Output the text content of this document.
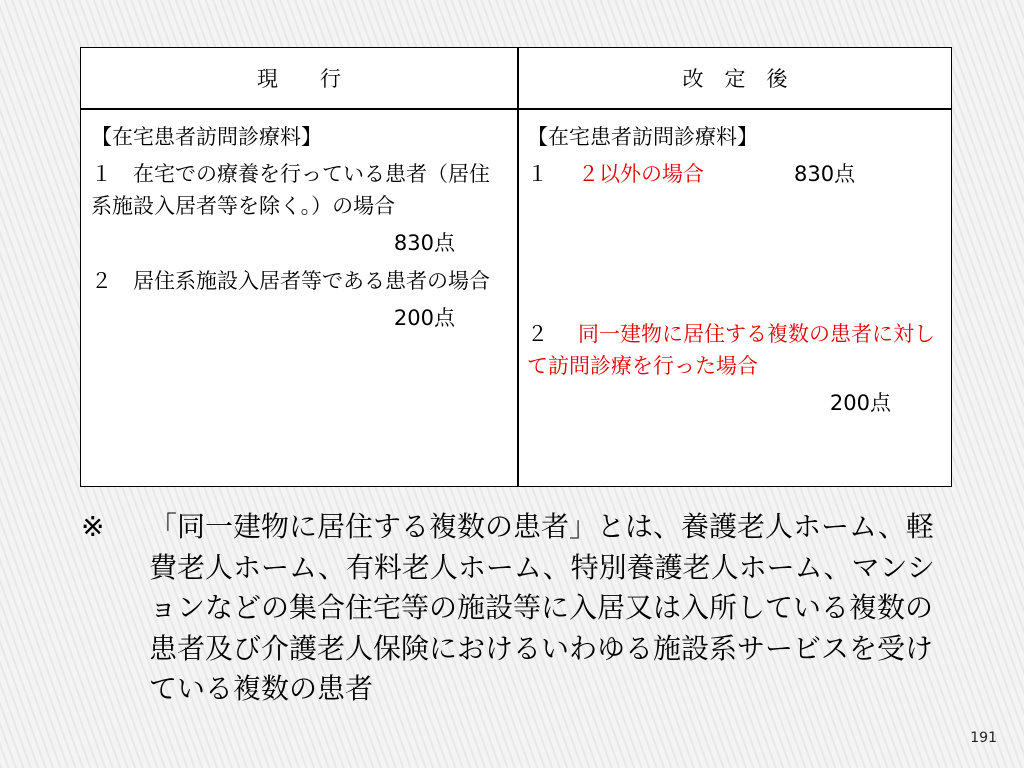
現　　行	改　定　後

【在宅患者訪問診療料】

１　在宅での療養を行っている患者（居住系施設入居者等を除く。）の場合

830点

２　居住系施設入居者等である患者の場合

200点

【在宅患者訪問診療料】

１ ２以外の場合	830点

２ 同一建物に居住する複数の患者に対して訪問診療を行った場合

200点

※ 「同一建物に居住する複数の患者」とは、養護老人ホーム、軽費老人ホーム、有料老人ホーム、特別養護老人ホーム、マンションなどの集合住宅等の施設等に入居又は入所している複数の患者及び介護老人保険におけるいわゆる施設系サービスを受けている複数の患者

191
